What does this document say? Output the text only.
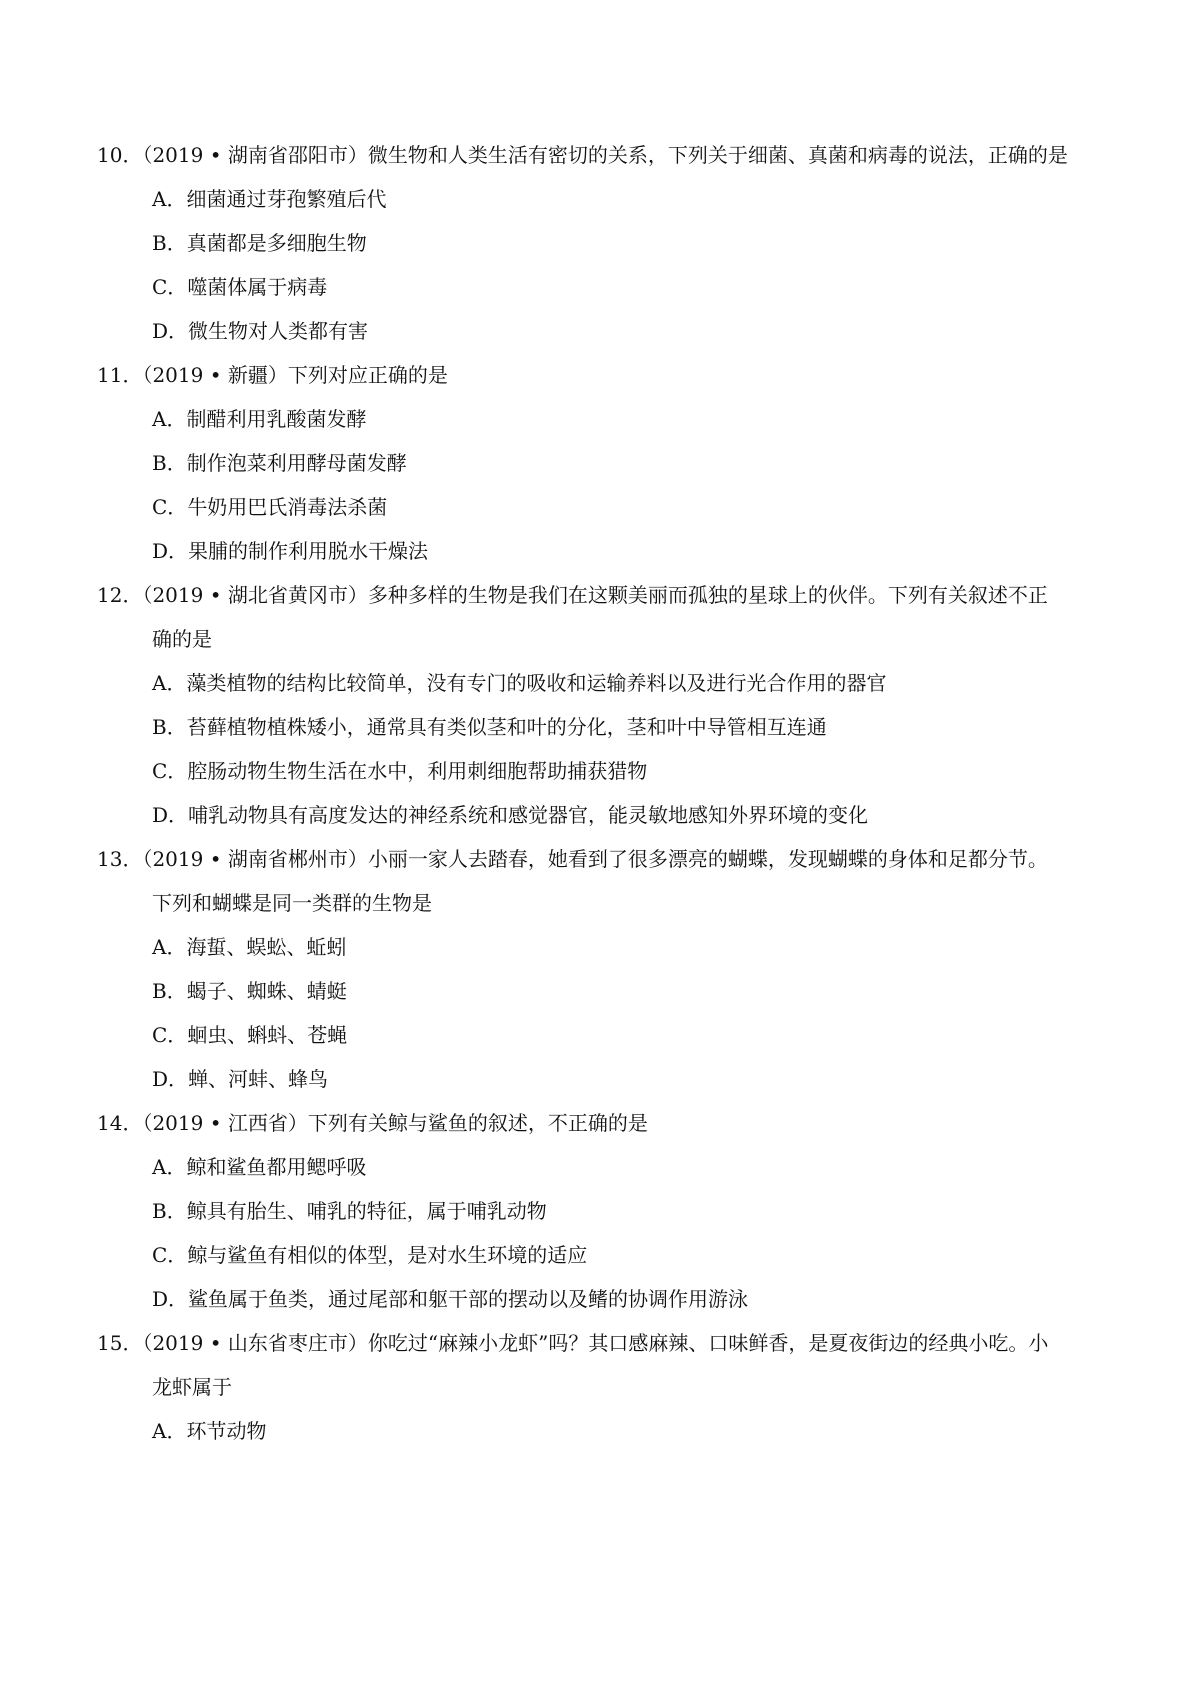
10．（2019 • 湖南省邵阳市）微生物和人类生活有密切的关系，下列关于细菌、真菌和病毒的说法，正确的是
A．细菌通过芽孢繁殖后代
B．真菌都是多细胞生物
C．噬菌体属于病毒
D．微生物对人类都有害
11．（2019 • 新疆）下列对应正确的是
A．制醋利用乳酸菌发酵
B．制作泡菜利用酵母菌发酵
C．牛奶用巴氏消毒法杀菌
D．果脯的制作利用脱水干燥法
12．（2019 • 湖北省黄冈市）多种多样的生物是我们在这颗美丽而孤独的星球上的伙伴。下列有关叙述不正
确的是
A．藻类植物的结构比较简单，没有专门的吸收和运输养料以及进行光合作用的器官
B．苔藓植物植株矮小，通常具有类似茎和叶的分化，茎和叶中导管相互连通
C．腔肠动物生物生活在水中，利用刺细胞帮助捕获猎物
D．哺乳动物具有高度发达的神经系统和感觉器官，能灵敏地感知外界环境的变化
13．（2019 • 湖南省郴州市）小丽一家人去踏春，她看到了很多漂亮的蝴蝶，发现蝴蝶的身体和足都分节。
下列和蝴蝶是同一类群的生物是
A．海蜇、蜈蚣、蚯蚓
B．蝎子、蜘蛛、蜻蜓
C．蛔虫、蝌蚪、苍蝇
D．蝉、河蚌、蜂鸟
14．（2019 • 江西省）下列有关鲸与鲨鱼的叙述，不正确的是
A．鲸和鲨鱼都用鳃呼吸
B．鲸具有胎生、哺乳的特征，属于哺乳动物
C．鲸与鲨鱼有相似的体型，是对水生环境的适应
D．鲨鱼属于鱼类，通过尾部和躯干部的摆动以及鳍的协调作用游泳
15．（2019 • 山东省枣庄市）你吃过“麻辣小龙虾”吗？其口感麻辣、口味鲜香，是夏夜街边的经典小吃。小
龙虾属于
A．环节动物
